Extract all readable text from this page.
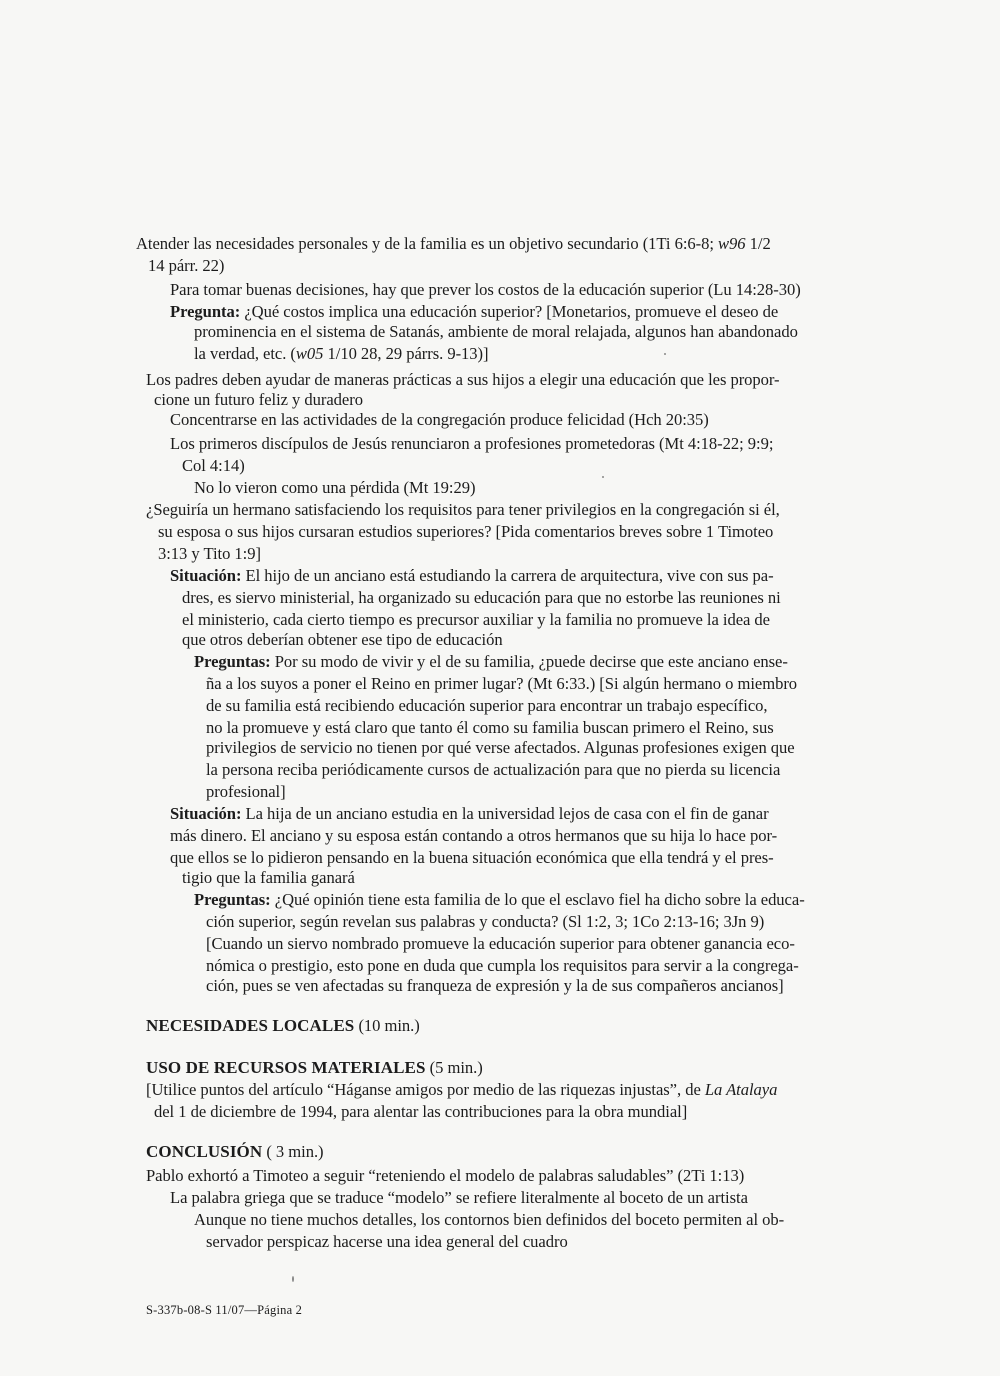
Atender las necesidades personales y de la familia es un objetivo secundario (1Ti 6:6-8; w96 1/2
14 párr. 22)
Para tomar buenas decisiones, hay que prever los costos de la educación superior (Lu 14:28-30)
Pregunta: ¿Qué costos implica una educación superior? [Monetarios, promueve el deseo de
prominencia en el sistema de Satanás, ambiente de moral relajada, algunos han abandonado
la verdad, etc. (w05 1/10 28, 29 párrs. 9-13)]
Los padres deben ayudar de maneras prácticas a sus hijos a elegir una educación que les propor-
cione un futuro feliz y duradero
Concentrarse en las actividades de la congregación produce felicidad (Hch 20:35)
Los primeros discípulos de Jesús renunciaron a profesiones prometedoras (Mt 4:18-22; 9:9;
Col 4:14)
No lo vieron como una pérdida (Mt 19:29)
¿Seguiría un hermano satisfaciendo los requisitos para tener privilegios en la congregación si él,
su esposa o sus hijos cursaran estudios superiores? [Pida comentarios breves sobre 1 Timoteo
3:13 y Tito 1:9]
Situación: El hijo de un anciano está estudiando la carrera de arquitectura, vive con sus pa-
dres, es siervo ministerial, ha organizado su educación para que no estorbe las reuniones ni
el ministerio, cada cierto tiempo es precursor auxiliar y la familia no promueve la idea de
que otros deberían obtener ese tipo de educación
Preguntas: Por su modo de vivir y el de su familia, ¿puede decirse que este anciano ense-
ña a los suyos a poner el Reino en primer lugar? (Mt 6:33.) [Si algún hermano o miembro
de su familia está recibiendo educación superior para encontrar un trabajo específico,
no la promueve y está claro que tanto él como su familia buscan primero el Reino, sus
privilegios de servicio no tienen por qué verse afectados. Algunas profesiones exigen que
la persona reciba periódicamente cursos de actualización para que no pierda su licencia
profesional]
Situación: La hija de un anciano estudia en la universidad lejos de casa con el fin de ganar
más dinero. El anciano y su esposa están contando a otros hermanos que su hija lo hace por-
que ellos se lo pidieron pensando en la buena situación económica que ella tendrá y el pres-
tigio que la familia ganará
Preguntas: ¿Qué opinión tiene esta familia de lo que el esclavo fiel ha dicho sobre la educa-
ción superior, según revelan sus palabras y conducta? (Sl 1:2, 3; 1Co 2:13-16; 3Jn 9)
[Cuando un siervo nombrado promueve la educación superior para obtener ganancia eco-
nómica o prestigio, esto pone en duda que cumpla los requisitos para servir a la congrega-
ción, pues se ven afectadas su franqueza de expresión y la de sus compañeros ancianos]
NECESIDADES LOCALES (10 min.)
USO DE RECURSOS MATERIALES (5 min.)
[Utilice puntos del artículo “Háganse amigos por medio de las riquezas injustas”, de La Atalaya
del 1 de diciembre de 1994, para alentar las contribuciones para la obra mundial]
CONCLUSIÓN ( 3 min.)
Pablo exhortó a Timoteo a seguir “reteniendo el modelo de palabras saludables” (2Ti 1:13)
La palabra griega que se traduce “modelo” se refiere literalmente al boceto de un artista
Aunque no tiene muchos detalles, los contornos bien definidos del boceto permiten al ob-
servador perspicaz hacerse una idea general del cuadro
S-337b-08-S 11/07—Página 2
